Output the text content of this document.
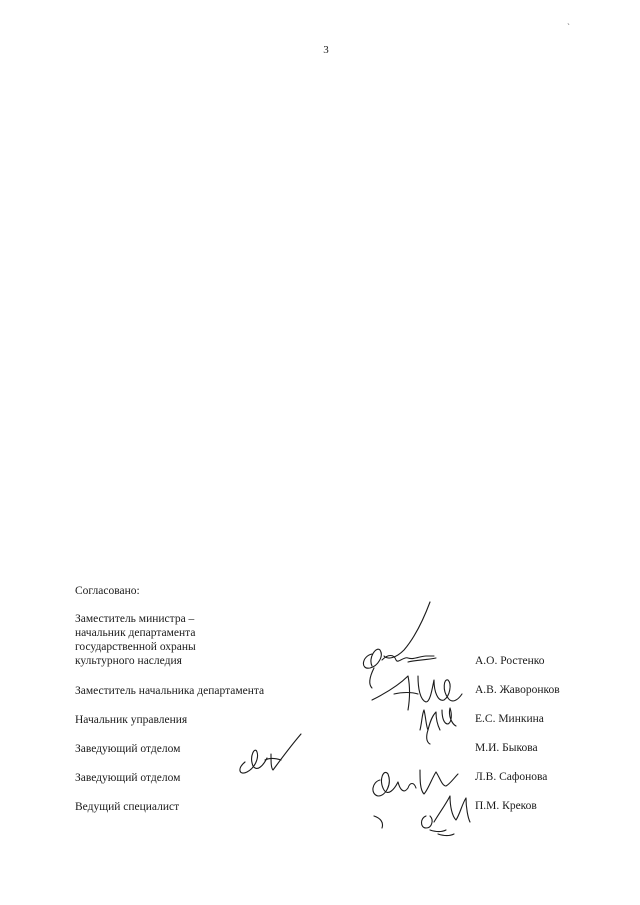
3
`
Согласовано:
Заместитель министра –
начальник департамента
государственной охраны
культурного наследия	А.О. Ростенко
Заместитель начальника департамента	А.В. Жаворонков
Начальник управления	Е.С. Минкина
Заведующий отделом	М.И. Быкова
Заведующий отделом	Л.В. Сафонова
Ведущий специалист	П.М. Креков
